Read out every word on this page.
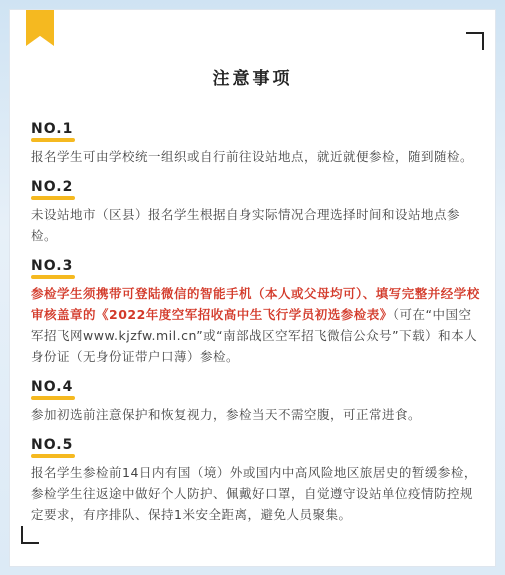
注意事项
NO.1
报名学生可由学校统一组织或自行前往设站地点，就近就便参检，随到随检。
NO.2
未设站地市（区县）报名学生根据自身实际情况合理选择时间和设站地点参检。
NO.3
参检学生须携带可登陆微信的智能手机（本人或父母均可）、填写完整并经学校审核盖章的《2022年度空军招收高中生飞行学员初选参检表》（可在“中国空军招飞网www.kjzfw.mil.cn”或“南部战区空军招飞微信公众号”下载）和本人身份证（无身份证带户口薄）参检。
NO.4
参加初选前注意保护和恢复视力，参检当天不需空腹，可正常进食。
NO.5
报名学生参检前14日内有国（境）外或国内中高风险地区旅居史的暂缓参检，参检学生往返途中做好个人防护、佩戴好口罩，自觉遵守设站单位疫情防控规定要求，有序排队、保持1米安全距离，避免人员聚集。
